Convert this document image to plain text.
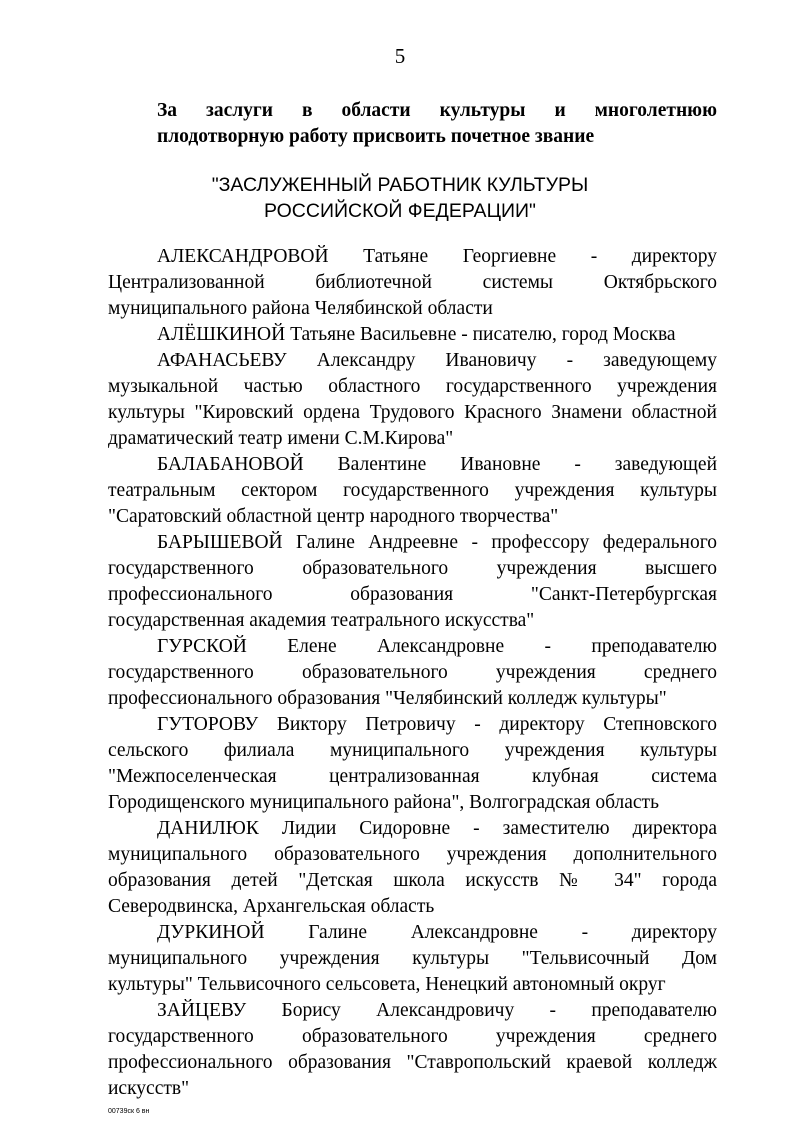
5
За заслуги в области культуры и многолетнюю
плодотворную работу присвоить почетное звание
"ЗАСЛУЖЕННЫЙ РАБОТНИК КУЛЬТУРЫ
РОССИЙСКОЙ ФЕДЕРАЦИИ"
АЛЕКСАНДРОВОЙ Татьяне Георгиевне - директору
Централизованной библиотечной системы Октябрьского
муниципального района Челябинской области
АЛЁШКИНОЙ Татьяне Васильевне - писателю, город Москва
АФАНАСЬЕВУ Александру Ивановичу - заведующему
музыкальной частью областного государственного учреждения
культуры "Кировский ордена Трудового Красного Знамени областной
драматический театр имени С.М.Кирова"
БАЛАБАНОВОЙ Валентине Ивановне - заведующей
театральным сектором государственного учреждения культуры
"Саратовский областной центр народного творчества"
БАРЫШЕВОЙ Галине Андреевне - профессору федерального
государственного образовательного учреждения высшего
профессионального образования "Санкт-Петербургская
государственная академия театрального искусства"
ГУРСКОЙ Елене Александровне - преподавателю
государственного образовательного учреждения среднего
профессионального образования "Челябинский колледж культуры"
ГУТОРОВУ Виктору Петровичу - директору Степновского
сельского филиала муниципального учреждения культуры
"Межпоселенческая централизованная клубная система
Городищенского муниципального района", Волгоградская область
ДАНИЛЮК Лидии Сидоровне - заместителю директора
муниципального образовательного учреждения дополнительного
образования детей "Детская школа искусств № 34" города
Северодвинска, Архангельская область
ДУРКИНОЙ Галине Александровне - директору
муниципального учреждения культуры "Тельвисочный Дом
культуры" Тельвисочного сельсовета, Ненецкий автономный округ
ЗАЙЦЕВУ Борису Александровичу - преподавателю
государственного образовательного учреждения среднего
профессионального образования "Ставропольский краевой колледж
искусств"
00739ск 6 вн
